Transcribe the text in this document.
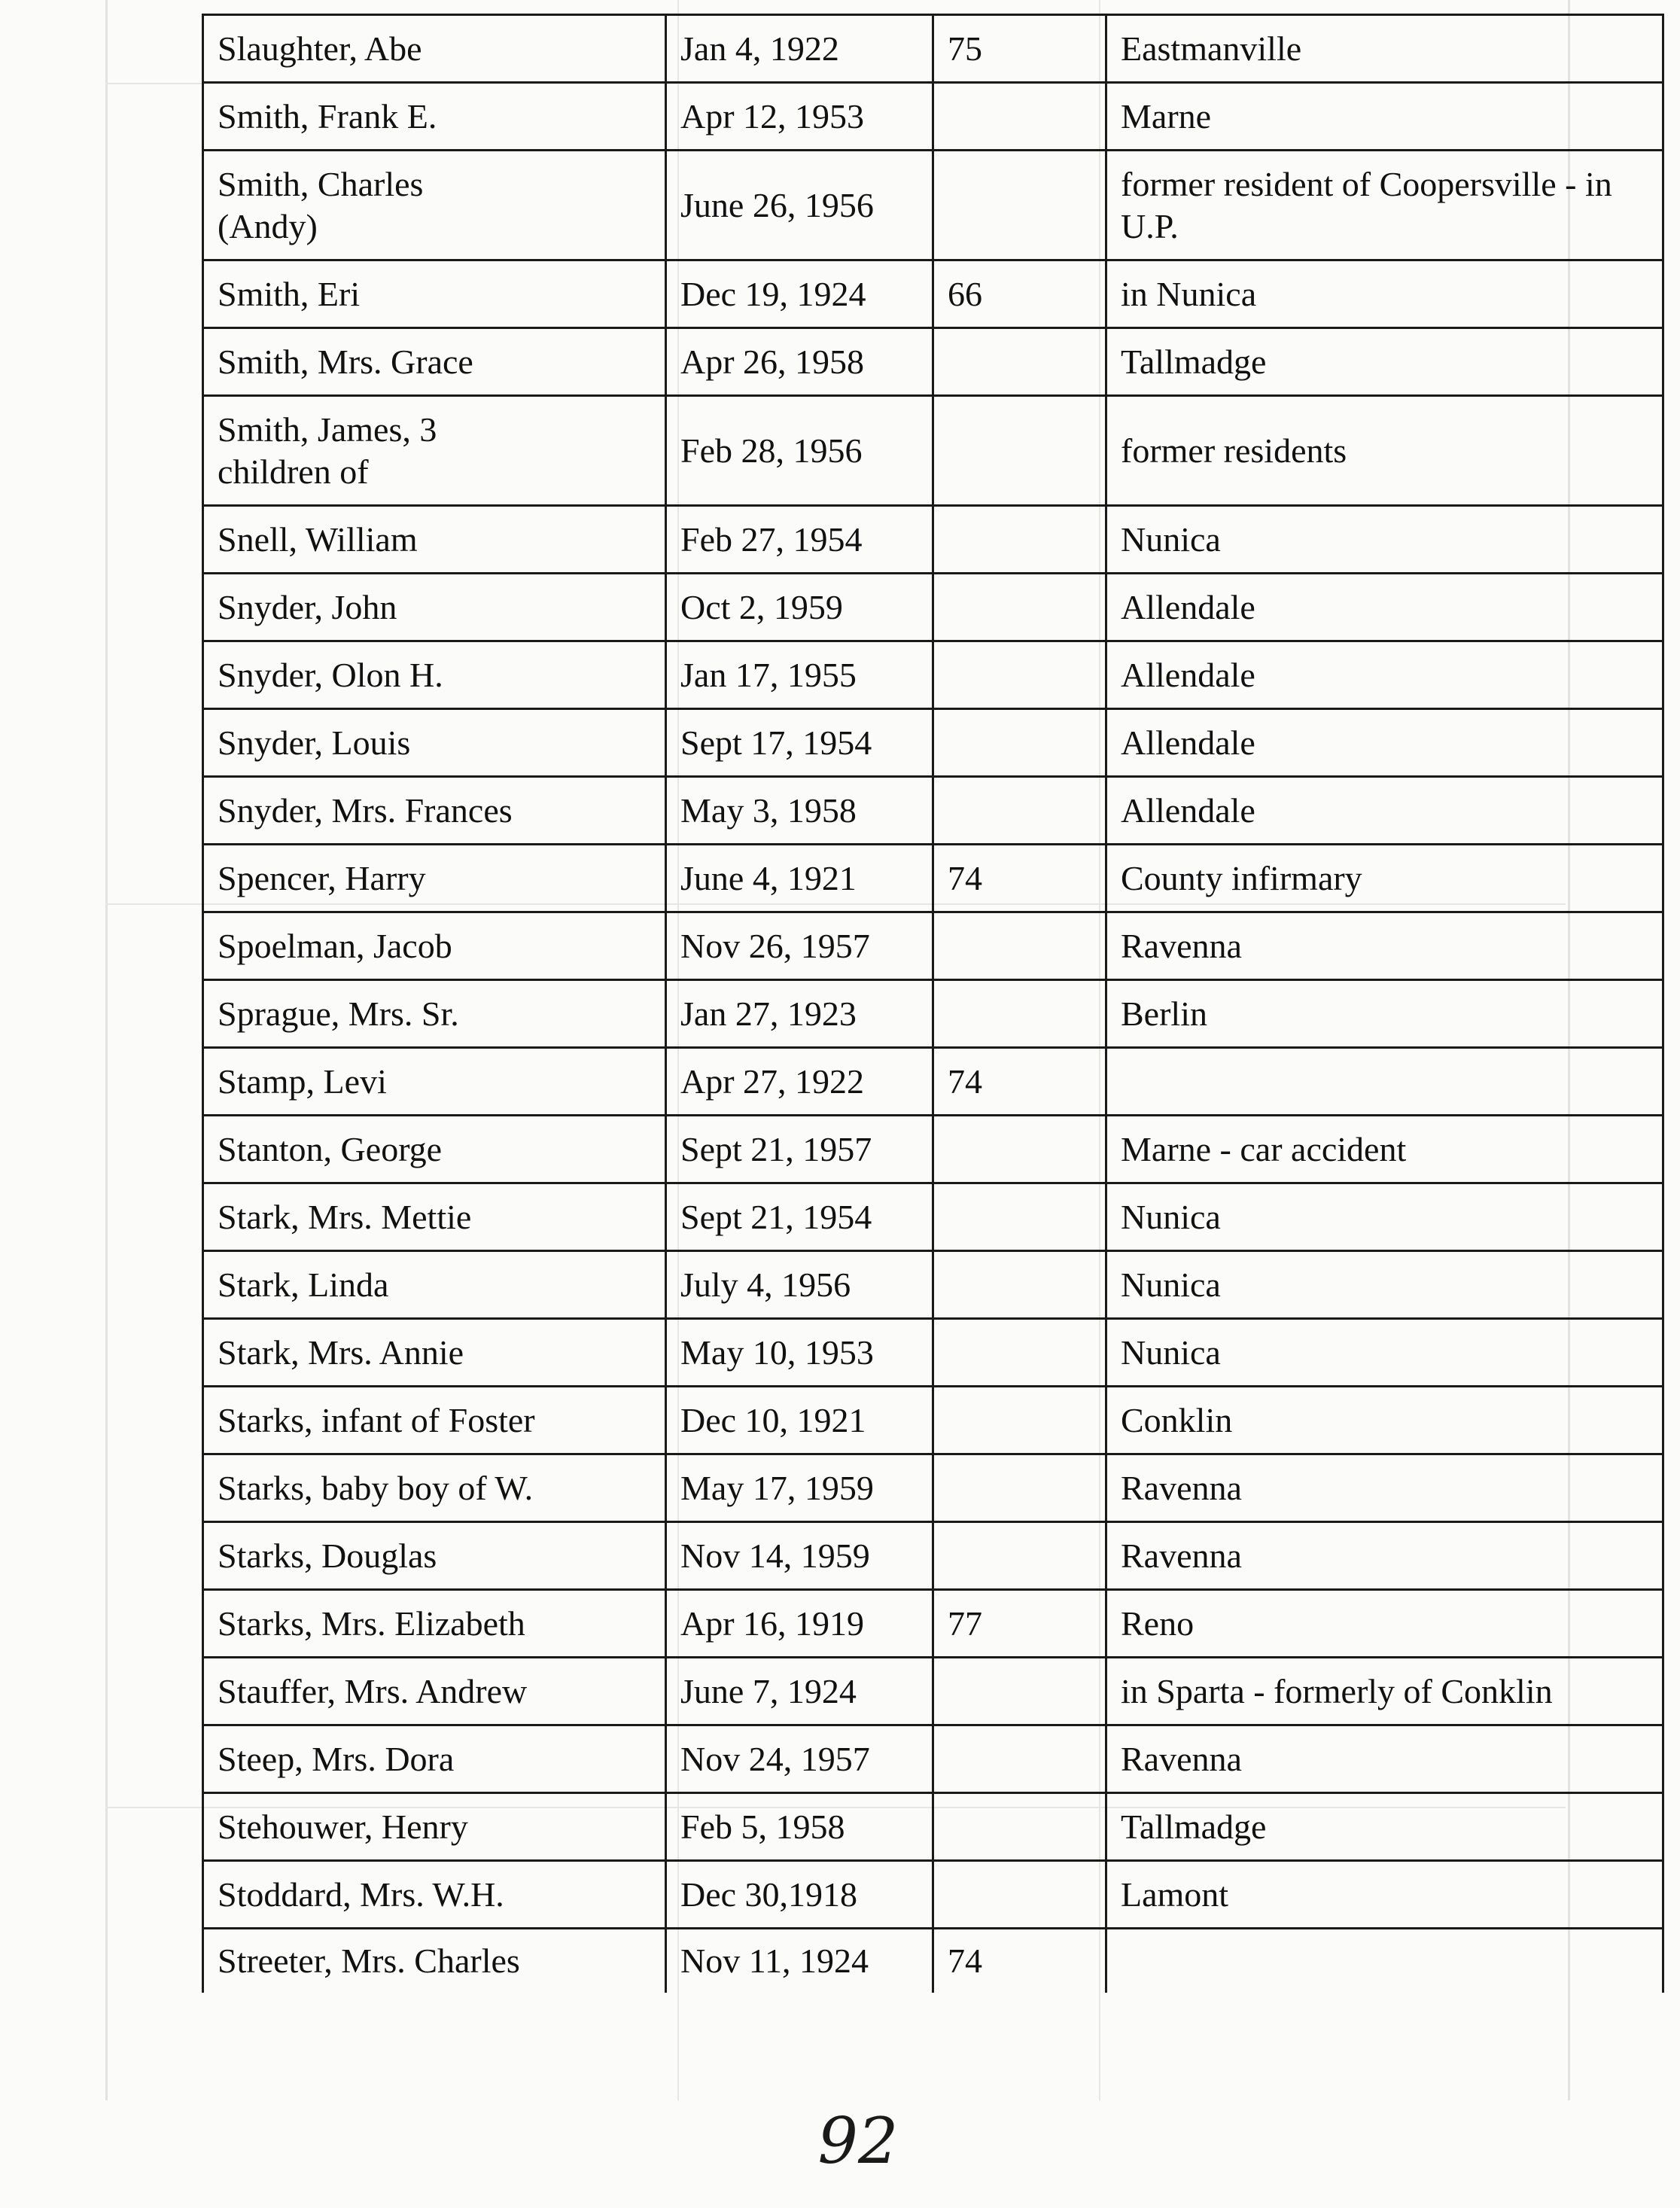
Slaughter, Abe	Jan 4, 1922	75	Eastmanville
Smith, Frank E.	Apr 12, 1953		Marne
Smith, Charles (Andy)	June 26, 1956		former resident of Coopersville - in U.P.
Smith, Eri	Dec 19, 1924	66	in Nunica
Smith, Mrs. Grace	Apr 26, 1958		Tallmadge
Smith, James, 3 children of	Feb 28, 1956		former residents
Snell, William	Feb 27, 1954		Nunica
Snyder, John	Oct 2, 1959		Allendale
Snyder, Olon H.	Jan 17, 1955		Allendale
Snyder, Louis	Sept 17, 1954		Allendale
Snyder, Mrs. Frances	May 3, 1958		Allendale
Spencer, Harry	June 4, 1921	74	County infirmary
Spoelman, Jacob	Nov 26, 1957		Ravenna
Sprague, Mrs. Sr.	Jan 27, 1923		Berlin
Stamp, Levi	Apr 27, 1922	74	
Stanton, George	Sept 21, 1957		Marne - car accident
Stark, Mrs. Mettie	Sept 21, 1954		Nunica
Stark, Linda	July 4, 1956		Nunica
Stark, Mrs. Annie	May 10, 1953		Nunica
Starks, infant of Foster	Dec 10, 1921		Conklin
Starks, baby boy of W.	May 17, 1959		Ravenna
Starks, Douglas	Nov 14, 1959		Ravenna
Starks, Mrs. Elizabeth	Apr 16, 1919	77	Reno
Stauffer, Mrs. Andrew	June 7, 1924		in Sparta - formerly of Conklin
Steep, Mrs. Dora	Nov 24, 1957		Ravenna
Stehouwer, Henry	Feb 5, 1958		Tallmadge
Stoddard, Mrs. W.H.	Dec 30,1918		Lamont
Streeter, Mrs. Charles	Nov 11, 1924	74	
92
